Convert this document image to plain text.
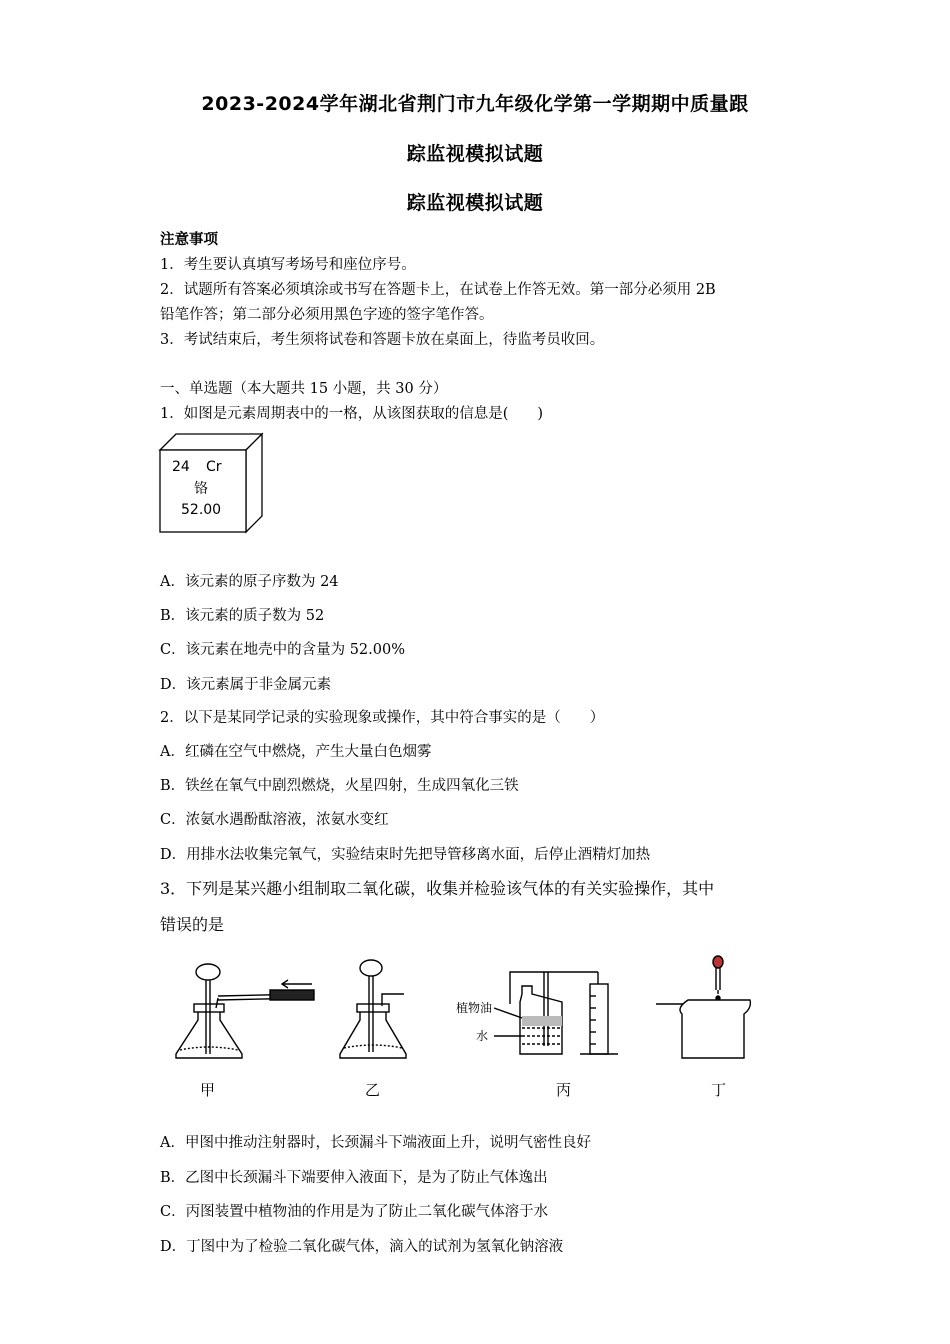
2023-2024学年湖北省荆门市九年级化学第一学期期中质量跟
踪监视模拟试题
踪监视模拟试题
注意事项
1．考生要认真填写考场号和座位序号。
2．试题所有答案必须填涂或书写在答题卡上，在试卷上作答无效。第一部分必须用 2B
铅笔作答；第二部分必须用黑色字迹的签字笔作答。
3．考试结束后，考生须将试卷和答题卡放在桌面上，待监考员收回。
一、单选题（本大题共 15 小题，共 30 分）
1．如图是元素周期表中的一格，从该图获取的信息是(　　)
24 Cr
铬
52.00
A．该元素的原子序数为 24
B．该元素的质子数为 52
C．该元素在地壳中的含量为 52.00%
D．该元素属于非金属元素
2．以下是某同学记录的实验现象或操作，其中符合事实的是（　　）
A．红磷在空气中燃烧，产生大量白色烟雾
B．铁丝在氧气中剧烈燃烧，火星四射，生成四氧化三铁
C．浓氨水遇酚酞溶液，浓氨水变红
D．用排水法收集完氧气，实验结束时先把导管移离水面，后停止酒精灯加热
3．下列是某兴趣小组制取二氧化碳，收集并检验该气体的有关实验操作，其中
错误的是
甲	乙
植物油
水
丙	丁
A．甲图中推动注射器时，长颈漏斗下端液面上升，说明气密性良好
B．乙图中长颈漏斗下端要伸入液面下，是为了防止气体逸出
C．丙图装置中植物油的作用是为了防止二氧化碳气体溶于水
D．丁图中为了检验二氧化碳气体，滴入的试剂为氢氧化钠溶液
